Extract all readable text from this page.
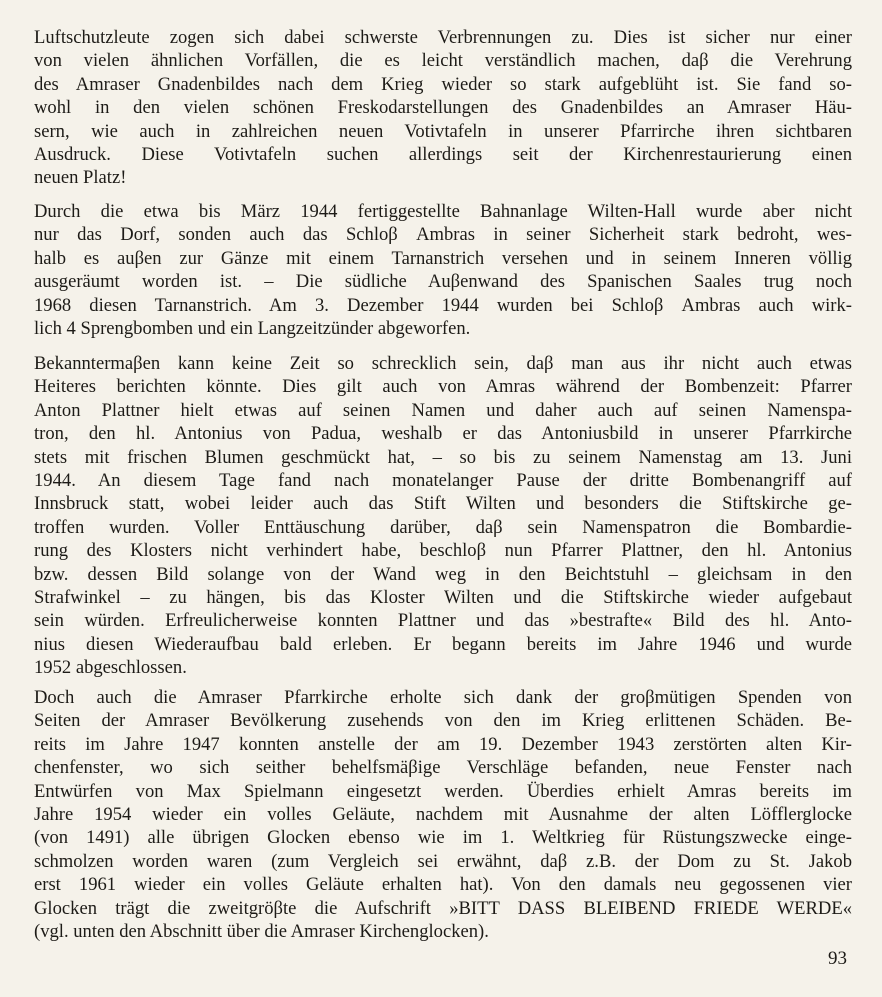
Luftschutzleute zogen sich dabei schwerste Verbrennungen zu. Dies ist sicher nur einer
von vielen ähnlichen Vorfällen, die es leicht verständlich machen, daβ die Verehrung
des Amraser Gnadenbildes nach dem Krieg wieder so stark aufgeblüht ist. Sie fand so-
wohl in den vielen schönen Freskodarstellungen des Gnadenbildes an Amraser Häu-
sern, wie auch in zahlreichen neuen Votivtafeln in unserer Pfarrirche ihren sichtbaren
Ausdruck. Diese Votivtafeln suchen allerdings seit der Kirchenrestaurierung einen
neuen Platz!
Durch die etwa bis März 1944 fertiggestellte Bahnanlage Wilten-Hall wurde aber nicht
nur das Dorf, sonden auch das Schloβ Ambras in seiner Sicherheit stark bedroht, wes-
halb es auβen zur Gänze mit einem Tarnanstrich versehen und in seinem Inneren völlig
ausgeräumt worden ist. – Die südliche Auβenwand des Spanischen Saales trug noch
1968 diesen Tarnanstrich. Am 3. Dezember 1944 wurden bei Schloβ Ambras auch wirk-
lich 4 Sprengbomben und ein Langzeitzünder abgeworfen.
Bekanntermaβen kann keine Zeit so schrecklich sein, daβ man aus ihr nicht auch etwas
Heiteres berichten könnte. Dies gilt auch von Amras während der Bombenzeit: Pfarrer
Anton Plattner hielt etwas auf seinen Namen und daher auch auf seinen Namenspa-
tron, den hl. Antonius von Padua, weshalb er das Antoniusbild in unserer Pfarrkirche
stets mit frischen Blumen geschmückt hat, – so bis zu seinem Namenstag am 13. Juni
1944. An diesem Tage fand nach monatelanger Pause der dritte Bombenangriff auf
Innsbruck statt, wobei leider auch das Stift Wilten und besonders die Stiftskirche ge-
troffen wurden. Voller Enttäuschung darüber, daβ sein Namenspatron die Bombardie-
rung des Klosters nicht verhindert habe, beschloβ nun Pfarrer Plattner, den hl. Antonius
bzw. dessen Bild solange von der Wand weg in den Beichtstuhl – gleichsam in den
Strafwinkel – zu hängen, bis das Kloster Wilten und die Stiftskirche wieder aufgebaut
sein würden. Erfreulicherweise konnten Plattner und das »bestrafte« Bild des hl. Anto-
nius diesen Wiederaufbau bald erleben. Er begann bereits im Jahre 1946 und wurde
1952 abgeschlossen.
Doch auch die Amraser Pfarrkirche erholte sich dank der groβmütigen Spenden von
Seiten der Amraser Bevölkerung zusehends von den im Krieg erlittenen Schäden. Be-
reits im Jahre 1947 konnten anstelle der am 19. Dezember 1943 zerstörten alten Kir-
chenfenster, wo sich seither behelfsmäβige Verschläge befanden, neue Fenster nach
Entwürfen von Max Spielmann eingesetzt werden. Überdies erhielt Amras bereits im
Jahre 1954 wieder ein volles Geläute, nachdem mit Ausnahme der alten Löfflerglocke
(von 1491) alle übrigen Glocken ebenso wie im 1. Weltkrieg für Rüstungszwecke einge-
schmolzen worden waren (zum Vergleich sei erwähnt, daβ z.B. der Dom zu St. Jakob
erst 1961 wieder ein volles Geläute erhalten hat). Von den damals neu gegossenen vier
Glocken trägt die zweitgröβte die Aufschrift »BITT DASS BLEIBEND FRIEDE WERDE«
(vgl. unten den Abschnitt über die Amraser Kirchenglocken).
93
